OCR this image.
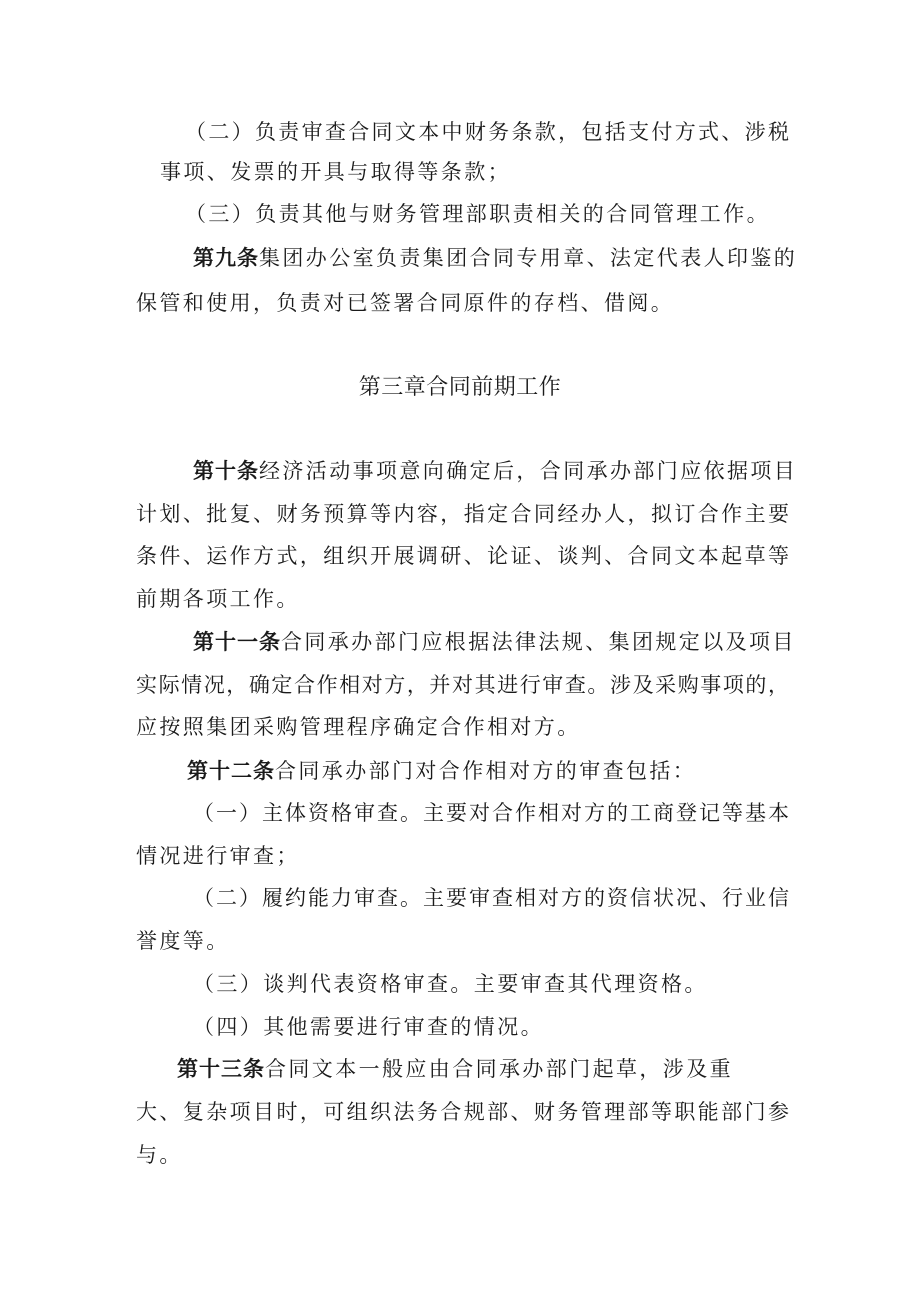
（二）负责审查合同文本中财务条款，包括支付方式、涉税
事项、发票的开具与取得等条款；
（三）负责其他与财务管理部职责相关的合同管理工作。
第九条集团办公室负责集团合同专用章、法定代表人印鉴的
保管和使用，负责对已签署合同原件的存档、借阅。
第三章合同前期工作
第十条经济活动事项意向确定后，合同承办部门应依据项目
计划、批复、财务预算等内容，指定合同经办人，拟订合作主要
条件、运作方式，组织开展调研、论证、谈判、合同文本起草等
前期各项工作。
第十一条合同承办部门应根据法律法规、集团规定以及项目
实际情况，确定合作相对方，并对其进行审查。涉及采购事项的，
应按照集团采购管理程序确定合作相对方。
第十二条合同承办部门对合作相对方的审查包括：
（一）主体资格审查。主要对合作相对方的工商登记等基本
情况进行审查；
（二）履约能力审查。主要审查相对方的资信状况、行业信
誉度等。
（三）谈判代表资格审查。主要审查其代理资格。
（四）其他需要进行审查的情况。
第十三条合同文本一般应由合同承办部门起草，涉及重
大、复杂项目时，可组织法务合规部、财务管理部等职能部门参
与。
